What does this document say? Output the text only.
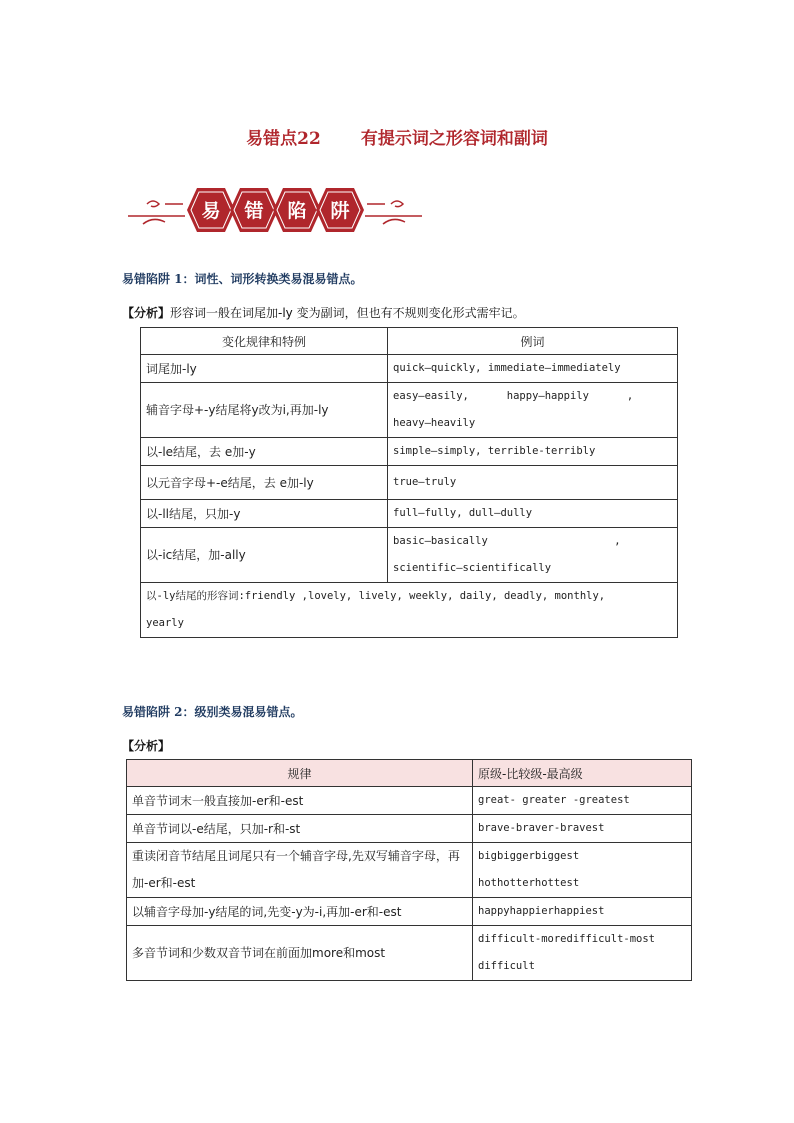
易错点22 有提示词之形容词和副词
易 错 陷 阱
易错陷阱 1：词性、词形转换类易混易错点。
【分析】形容词一般在词尾加-ly 变为副词，但也有不规则变化形式需牢记。
变化规律和特例	例词
词尾加-ly	quick—quickly, immediate—immediately
辅音字母+-y结尾将y改为i,再加-ly	easy—easily,      happy—happily      ,
heavy—heavily

以-le结尾，去 e加-y	simple—simply, terrible-terribly
以元音字母+-e结尾，去 e加-ly	true—truly
以-ll结尾，只加-y	full—fully, dull—dully
以-ic结尾，加-ally	basic—basically                    ,
scientific—scientifically

以-ly结尾的形容词:friendly ,lovely, lively, weekly, daily, deadly, monthly,
yearly	
易错陷阱 2：级别类易混易错点。
【分析】
规律	原级-比较级-最高级
单音节词末一般直接加-er和-est	great- greater -greatest
单音节词以-e结尾，只加-r和-st	brave-braver-bravest
重读闭音节结尾且词尾只有一个辅音字母,先双写辅音字母，再加-er和-est	bigbiggerbiggest
hothotterhottest

以辅音字母加-y结尾的词,先变-y为-i,再加-er和-est	happyhappierhappiest
多音节词和少数双音节词在前面加more和most	difficult-moredifficult-most
difficult
